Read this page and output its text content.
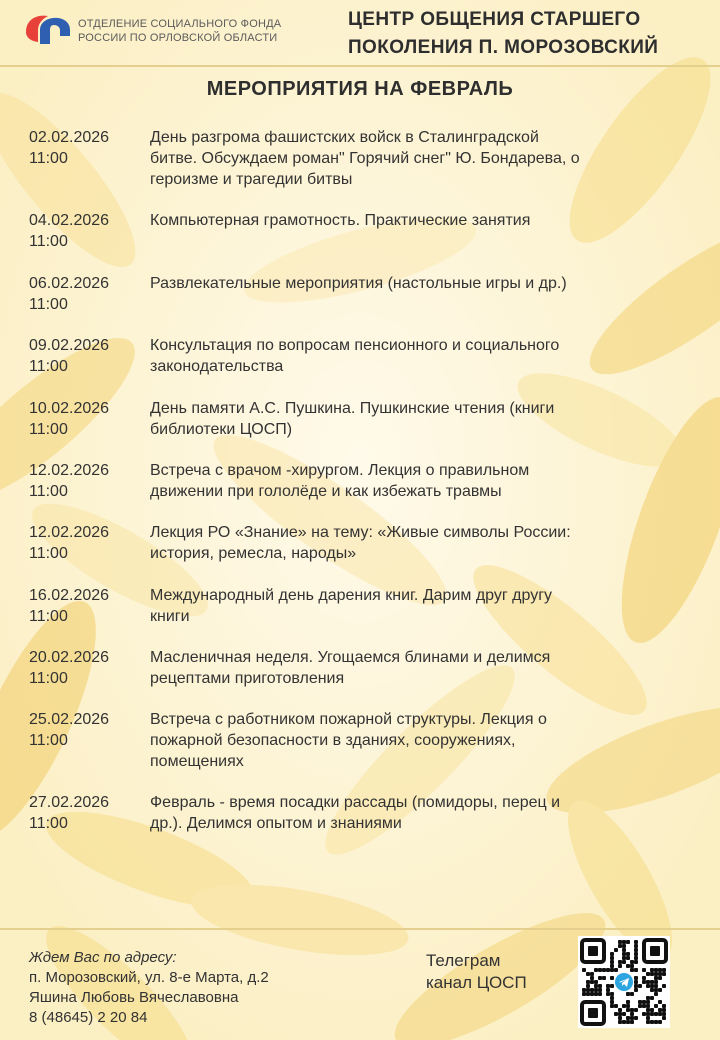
ОТДЕЛЕНИЕ СОЦИАЛЬНОГО ФОНДА
РОССИИ ПО ОРЛОВСКОЙ ОБЛАСТИ
ЦЕНТР ОБЩЕНИЯ СТАРШЕГО
ПОКОЛЕНИЯ П. МОРОЗОВСКИЙ
МЕРОПРИЯТИЯ НА ФЕВРАЛЬ
02.02.2026
11:00
День разгрома фашистских войск в Сталинградской
битве. Обсуждаем роман" Горячий снег" Ю. Бондарева, о
героизме и трагедии битвы
04.02.2026
11:00
Компьютерная грамотность. Практические занятия
06.02.2026
11:00
Развлекательные мероприятия (настольные игры и др.)
09.02.2026
11:00
Консультация по вопросам пенсионного и социального
законодательства
10.02.2026
11:00
День памяти А.С. Пушкина. Пушкинские чтения (книги
библиотеки ЦОСП)
12.02.2026
11:00
Встреча с врачом -хирургом. Лекция о правильном
движении при гололёде и как избежать травмы
12.02.2026
11:00
Лекция РО «Знание» на тему: «Живые символы России:
история, ремесла, народы»
16.02.2026
11:00
Международный день дарения книг. Дарим друг другу
книги
20.02.2026
11:00
Масленичная неделя. Угощаемся блинами и делимся
рецептами приготовления
25.02.2026
11:00
Встреча с работником пожарной структуры. Лекция о
пожарной безопасности в зданиях, сооружениях,
помещениях
27.02.2026
11:00
Февраль - время посадки рассады (помидоры, перец и
др.). Делимся опытом и знаниями
Ждем Вас по адресу:
п. Морозовский, ул. 8-е Марта, д.2
Яшина Любовь Вячеславовна
8 (48645) 2 20 84
Телеграм
канал ЦОСП
